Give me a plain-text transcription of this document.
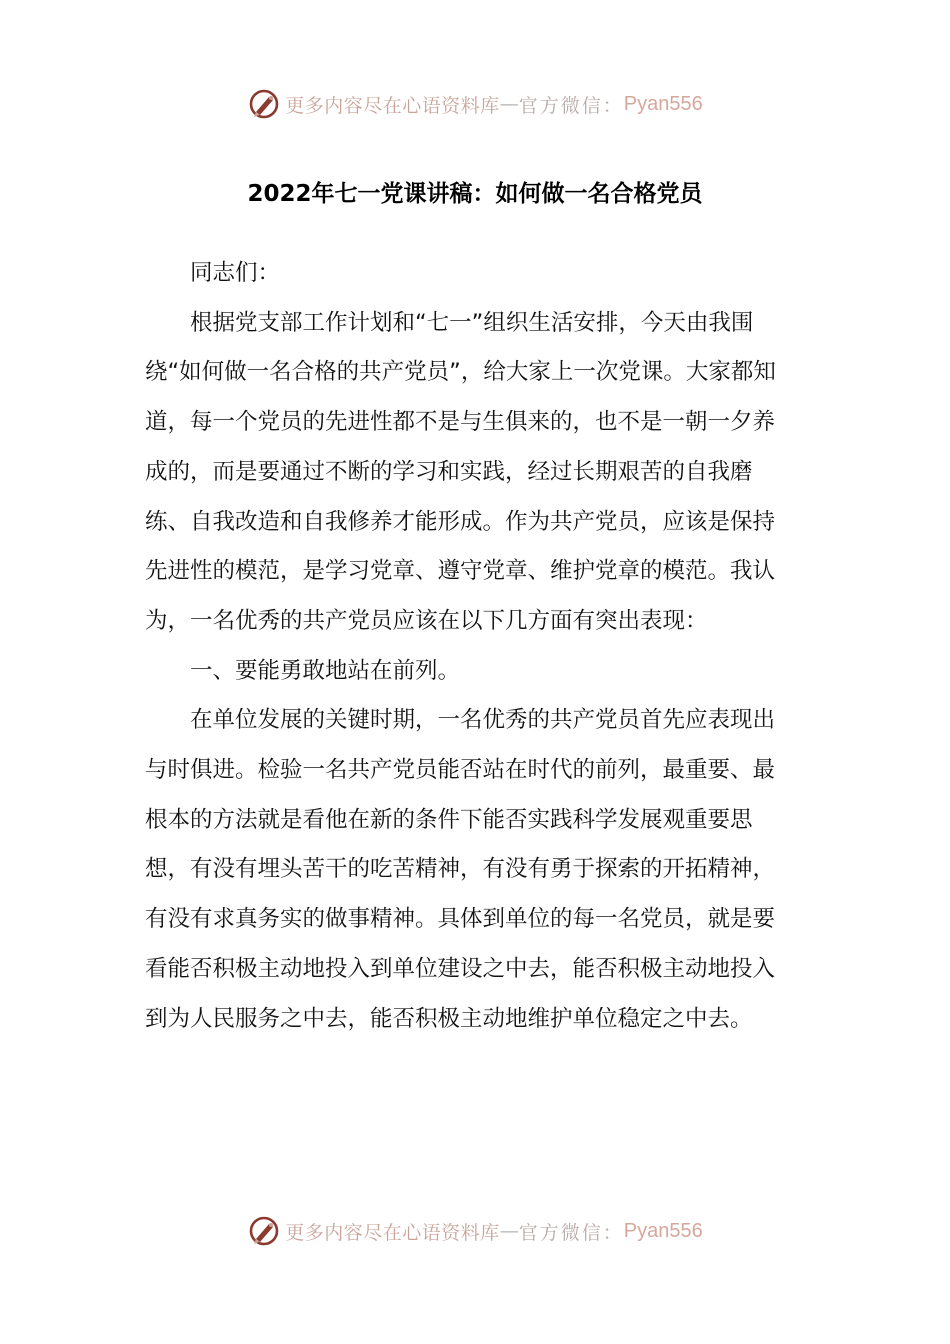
更多内容尽在心语资料库 — 官方微信： Pyan556
2022年七一党课讲稿：如何做一名合格党员

同志们：

根据党支部工作计划和“七一”组织生活安排，今天由我围绕“如何做一名合格的共产党员”，给大家上一次党课。大家都知道，每一个党员的先进性都不是与生俱来的，也不是一朝一夕养成的，而是要通过不断的学习和实践，经过长期艰苦的自我磨练、自我改造和自我修养才能形成。作为共产党员，应该是保持先进性的模范，是学习党章、遵守党章、维护党章的模范。我认为，一名优秀的共产党员应该在以下几方面有突出表现：

一、要能勇敢地站在前列。

在单位发展的关键时期，一名优秀的共产党员首先应表现出与时俱进。检验一名共产党员能否站在时代的前列，最重要、最根本的方法就是看他在新的条件下能否实践科学发展观重要思想，有没有埋头苦干的吃苦精神，有没有勇于探索的开拓精神，有没有求真务实的做事精神。具体到单位的每一名党员，就是要看能否积极主动地投入到单位建设之中去，能否积极主动地投入到为人民服务之中去，能否积极主动地维护单位稳定之中去。

更多内容尽在心语资料库 — 官方微信： Pyan556
